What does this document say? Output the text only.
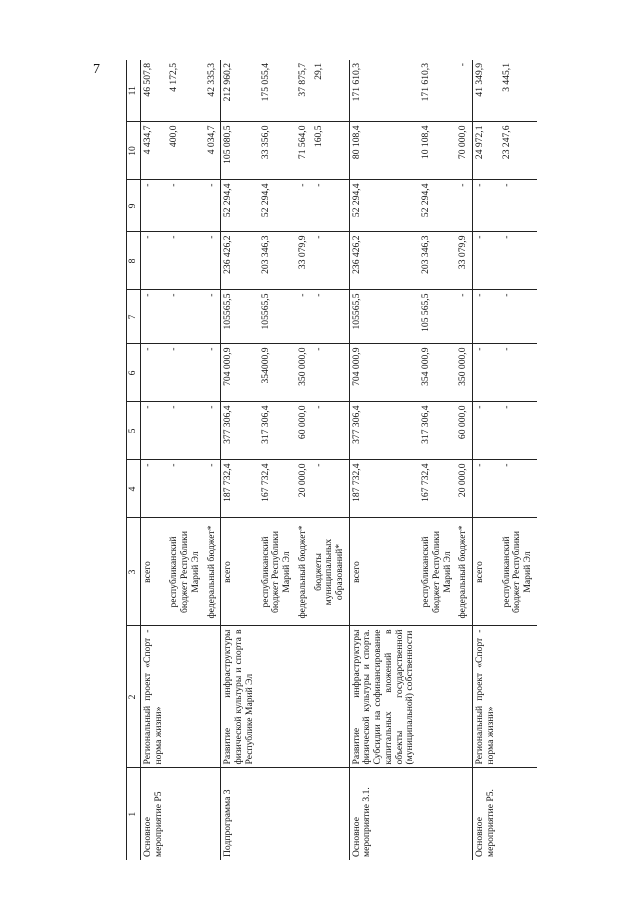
7
1	2	3	4	5	6	7	8	9	10	11
Основное мероприятие Р5	Региональный проект «Спорт - норма жизни»	всего	-	-	-	-	-	-	4 434,7	46 507,8
		республиканский бюджет Республики Марий Эл	-	-	-	-	-	-	400,0	4 172,5
		федеральный бюджет*	-	-	-	-	-	-	4 034,7	42 335,3
Подпрограмма 3	Развитие инфраструктуры физической культуры и спорта в Республике Марий Эл	всего	187 732,4	377 306,4	704 000,9	105565,5	236 426,2	52 294,4	105 080,5	212 960,2
		республиканский бюджет Республики Марий Эл	167 732,4	317 306,4	354000,9	105565,5	203 346,3	52 294,4	33 356,0	175 055,4
		федеральный бюджет*	20 000,0	60 000,0	350 000,0	-	33 079,9	-	71 564,0	37 875,7
		бюджеты муниципальных образований*	-	-	-	-	-	-	160,5	29,1
Основное мероприятие 3.1.	Развитие инфраструктуры физической культуры и спорта. Субсидии на софинансирование капитальных вложений в объекты государственной (муниципальной) собственности	всего	187 732,4	377 306,4	704 000,9	105565,5	236 426,2	52 294,4	80 108,4	171 610,3
		республиканский бюджет Республики Марий Эл	167 732,4	317 306,4	354 000,9	105 565,5	203 346,3	52 294,4	10 108,4	171 610,3
		федеральный бюджет*	20 000,0	60 000,0	350 000,0	-	33 079,9	-	70 000,0	-
Основное мероприятие Р5.	Региональный проект «Спорт - норма жизни»	всего	-	-	-	-	-	-	24 972,1	41 349,9
		республиканский бюджет Республики Марий Эл	-	-	-	-	-	-	23 247,6	3 445,1
